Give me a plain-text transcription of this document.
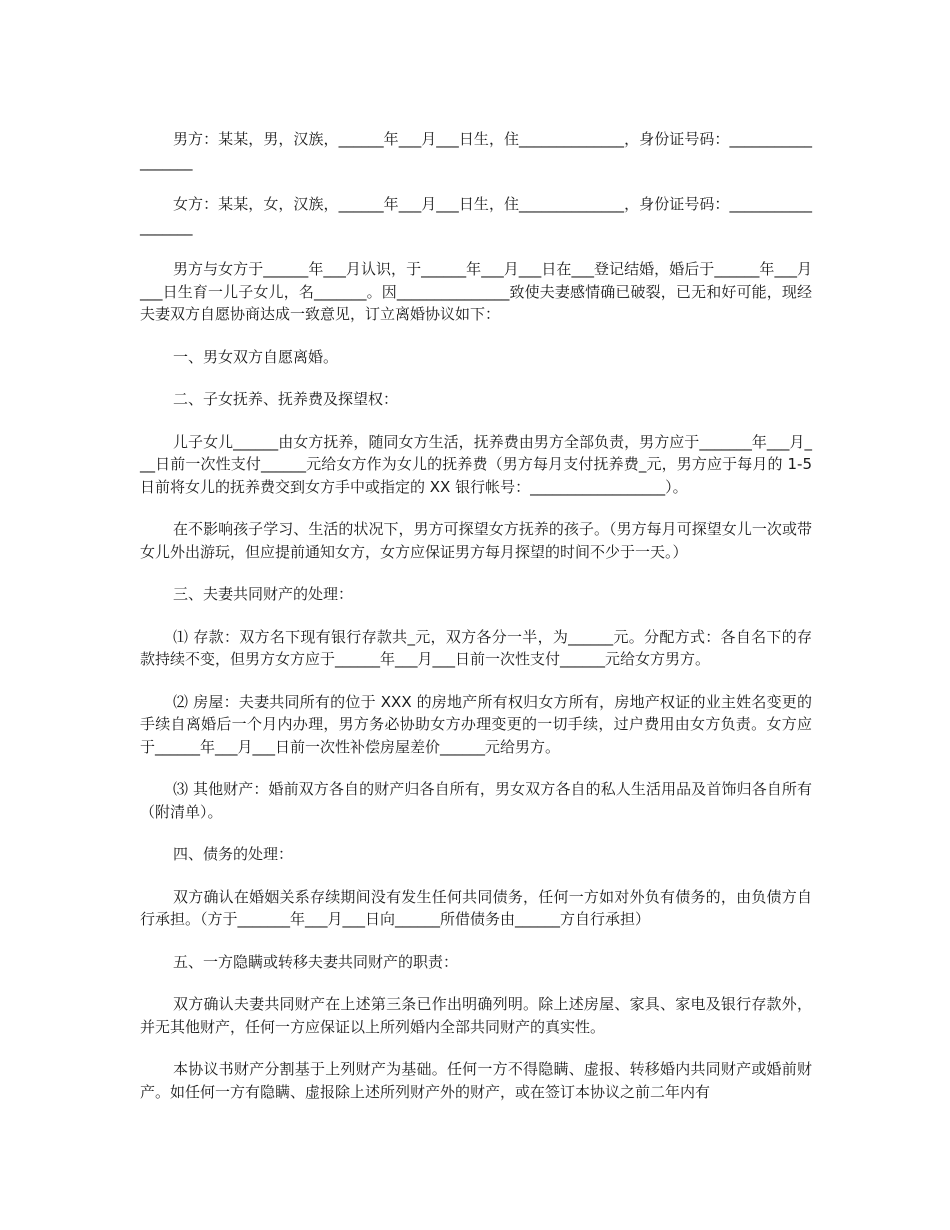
男方：某某，男，汉族，______年___月___日生，住______________，身份证号码：__________________

女方：某某，女，汉族，______年___月___日生，住______________，身份证号码：__________________

男方与女方于______年___月认识，于______年___月___日在___登记结婚，婚后于______年___月___日生育一儿子女儿，名_______。因_______________致使夫妻感情确已破裂，已无和好可能，现经夫妻双方自愿协商达成一致意见，订立离婚协议如下：

一、男女双方自愿离婚。

二、子女抚养、抚养费及探望权：

儿子女儿______由女方抚养，随同女方生活，抚养费由男方全部负责，男方应于_______年___月___日前一次性支付______元给女方作为女儿的抚养费（男方每月支付抚养费_元，男方应于每月的 1-5 日前将女儿的抚养费交到女方手中或指定的 XX 银行帐号：__________________）。

在不影响孩子学习、生活的状况下，男方可探望女方抚养的孩子。（男方每月可探望女儿一次或带女儿外出游玩，但应提前通知女方，女方应保证男方每月探望的时间不少于一天。）

三、夫妻共同财产的处理：

⑴ 存款：双方名下现有银行存款共_元，双方各分一半，为______元。分配方式：各自名下的存款持续不变，但男方女方应于______年___月___日前一次性支付______元给女方男方。

⑵ 房屋：夫妻共同所有的位于 XXX 的房地产所有权归女方所有，房地产权证的业主姓名变更的手续自离婚后一个月内办理，男方务必协助女方办理变更的一切手续，过户费用由女方负责。女方应于______年___月___日前一次性补偿房屋差价______元给男方。

⑶ 其他财产：婚前双方各自的财产归各自所有，男女双方各自的私人生活用品及首饰归各自所有（附清单）。

四、债务的处理：

双方确认在婚姻关系存续期间没有发生任何共同债务，任何一方如对外负有债务的，由负债方自行承担。（方于_______年___月___日向______所借债务由______方自行承担）

五、一方隐瞒或转移夫妻共同财产的职责：

双方确认夫妻共同财产在上述第三条已作出明确列明。除上述房屋、家具、家电及银行存款外，并无其他财产，任何一方应保证以上所列婚内全部共同财产的真实性。

本协议书财产分割基于上列财产为基础。任何一方不得隐瞒、虚报、转移婚内共同财产或婚前财产。如任何一方有隐瞒、虚报除上述所列财产外的财产，或在签订本协议之前二年内有
